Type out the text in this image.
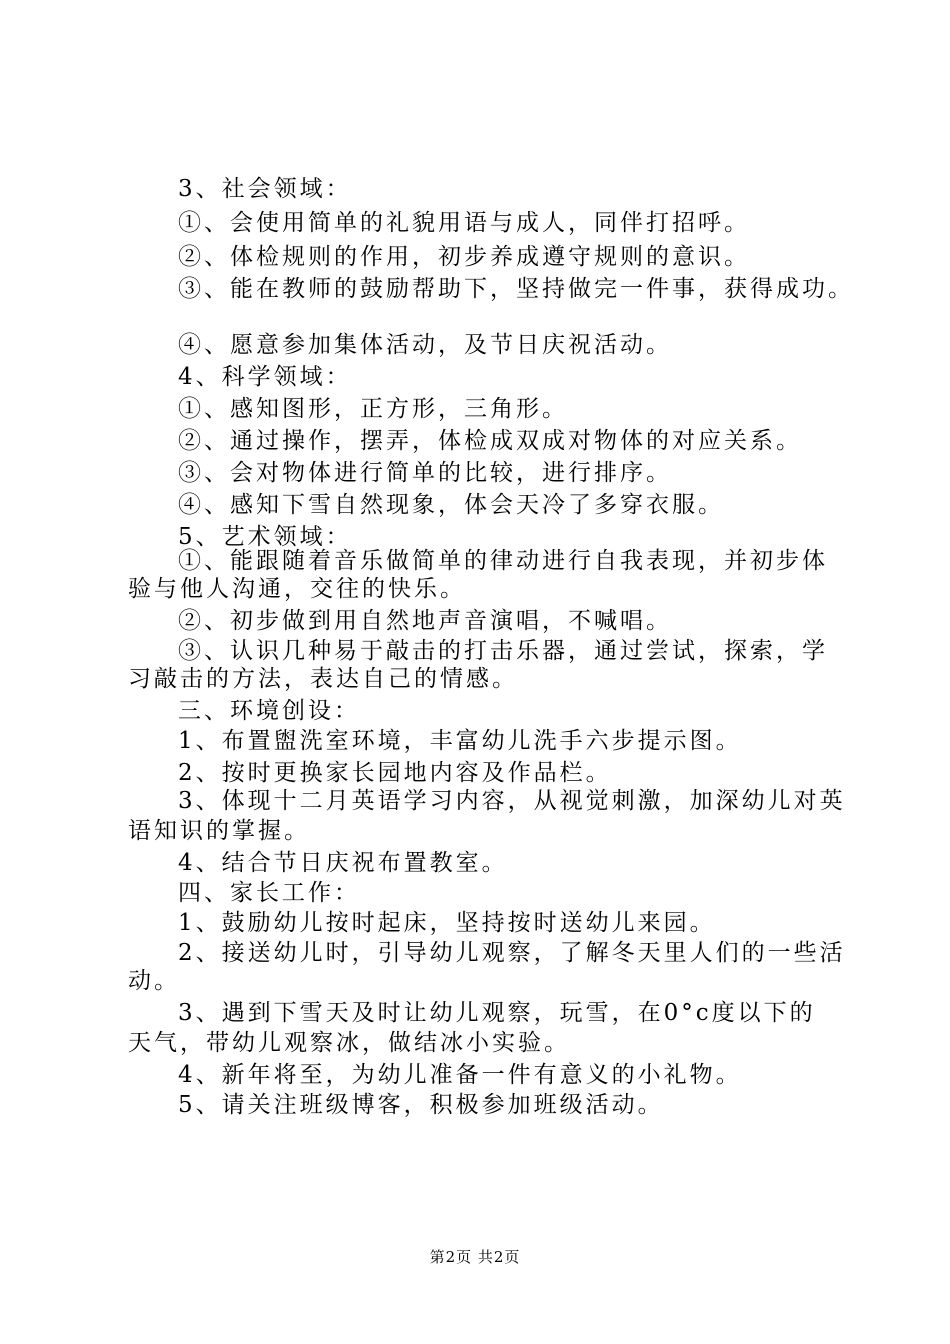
3、社会领域：
①、会使用简单的礼貌用语与成人，同伴打招呼。
②、体检规则的作用，初步养成遵守规则的意识。
③、能在教师的鼓励帮助下，坚持做完一件事，获得成功。
④、愿意参加集体活动，及节日庆祝活动。
4、科学领域：
①、感知图形，正方形，三角形。
②、通过操作，摆弄，体检成双成对物体的对应关系。
③、会对物体进行简单的比较，进行排序。
④、感知下雪自然现象，体会天冷了多穿衣服。
5、艺术领域：
①、能跟随着音乐做简单的律动进行自我表现，并初步体
验与他人沟通，交往的快乐。
②、初步做到用自然地声音演唱，不喊唱。
③、认识几种易于敲击的打击乐器，通过尝试，探索，学
习敲击的方法，表达自己的情感。
三、环境创设：
1、布置盥洗室环境，丰富幼儿洗手六步提示图。
2、按时更换家长园地内容及作品栏。
3、体现十二月英语学习内容，从视觉刺激，加深幼儿对英
语知识的掌握。
4、结合节日庆祝布置教室。
四、家长工作：
1、鼓励幼儿按时起床，坚持按时送幼儿来园。
2、接送幼儿时，引导幼儿观察，了解冬天里人们的一些活
动。
3、遇到下雪天及时让幼儿观察，玩雪，在0°c度以下的
天气，带幼儿观察冰，做结冰小实验。
4、新年将至，为幼儿准备一件有意义的小礼物。
5、请关注班级博客，积极参加班级活动。
第2页 共2页
